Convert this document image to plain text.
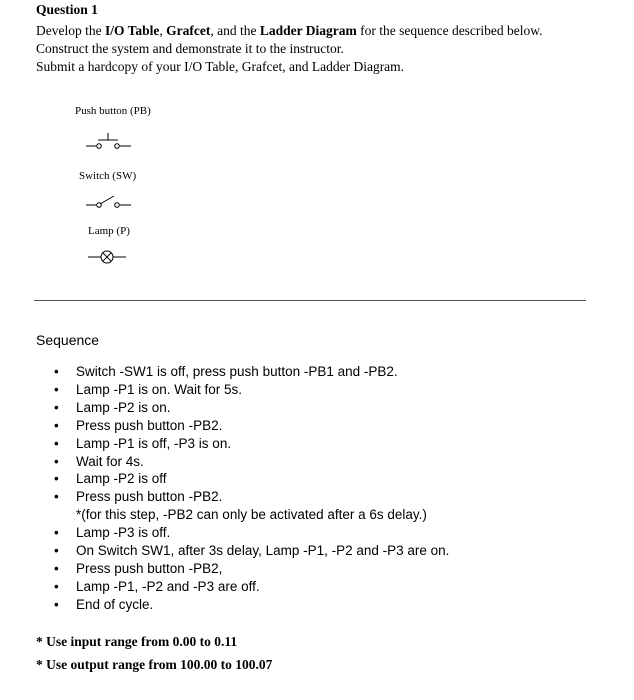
Question 1
Develop the I/O Table, Grafcet, and the Ladder Diagram for the sequence described below.
Construct the system and demonstrate it to the instructor.
Submit a hardcopy of your I/O Table, Grafcet, and Ladder Diagram.
Push button (PB)
Switch (SW)
Lamp (P)
Sequence
• Switch -SW1 is off, press push button -PB1 and -PB2.
• Lamp -P1 is on. Wait for 5s.
• Lamp -P2 is on.
• Press push button -PB2.
• Lamp -P1 is off, -P3 is on.
• Wait for 4s.
• Lamp -P2 is off
• Press push button -PB2.
*(for this step, -PB2 can only be activated after a 6s delay.)
• Lamp -P3 is off.
• On Switch SW1, after 3s delay, Lamp -P1, -P2 and -P3 are on.
• Press push button -PB2,
• Lamp -P1, -P2 and -P3 are off.
• End of cycle.
* Use input range from 0.00 to 0.11
* Use output range from 100.00 to 100.07
